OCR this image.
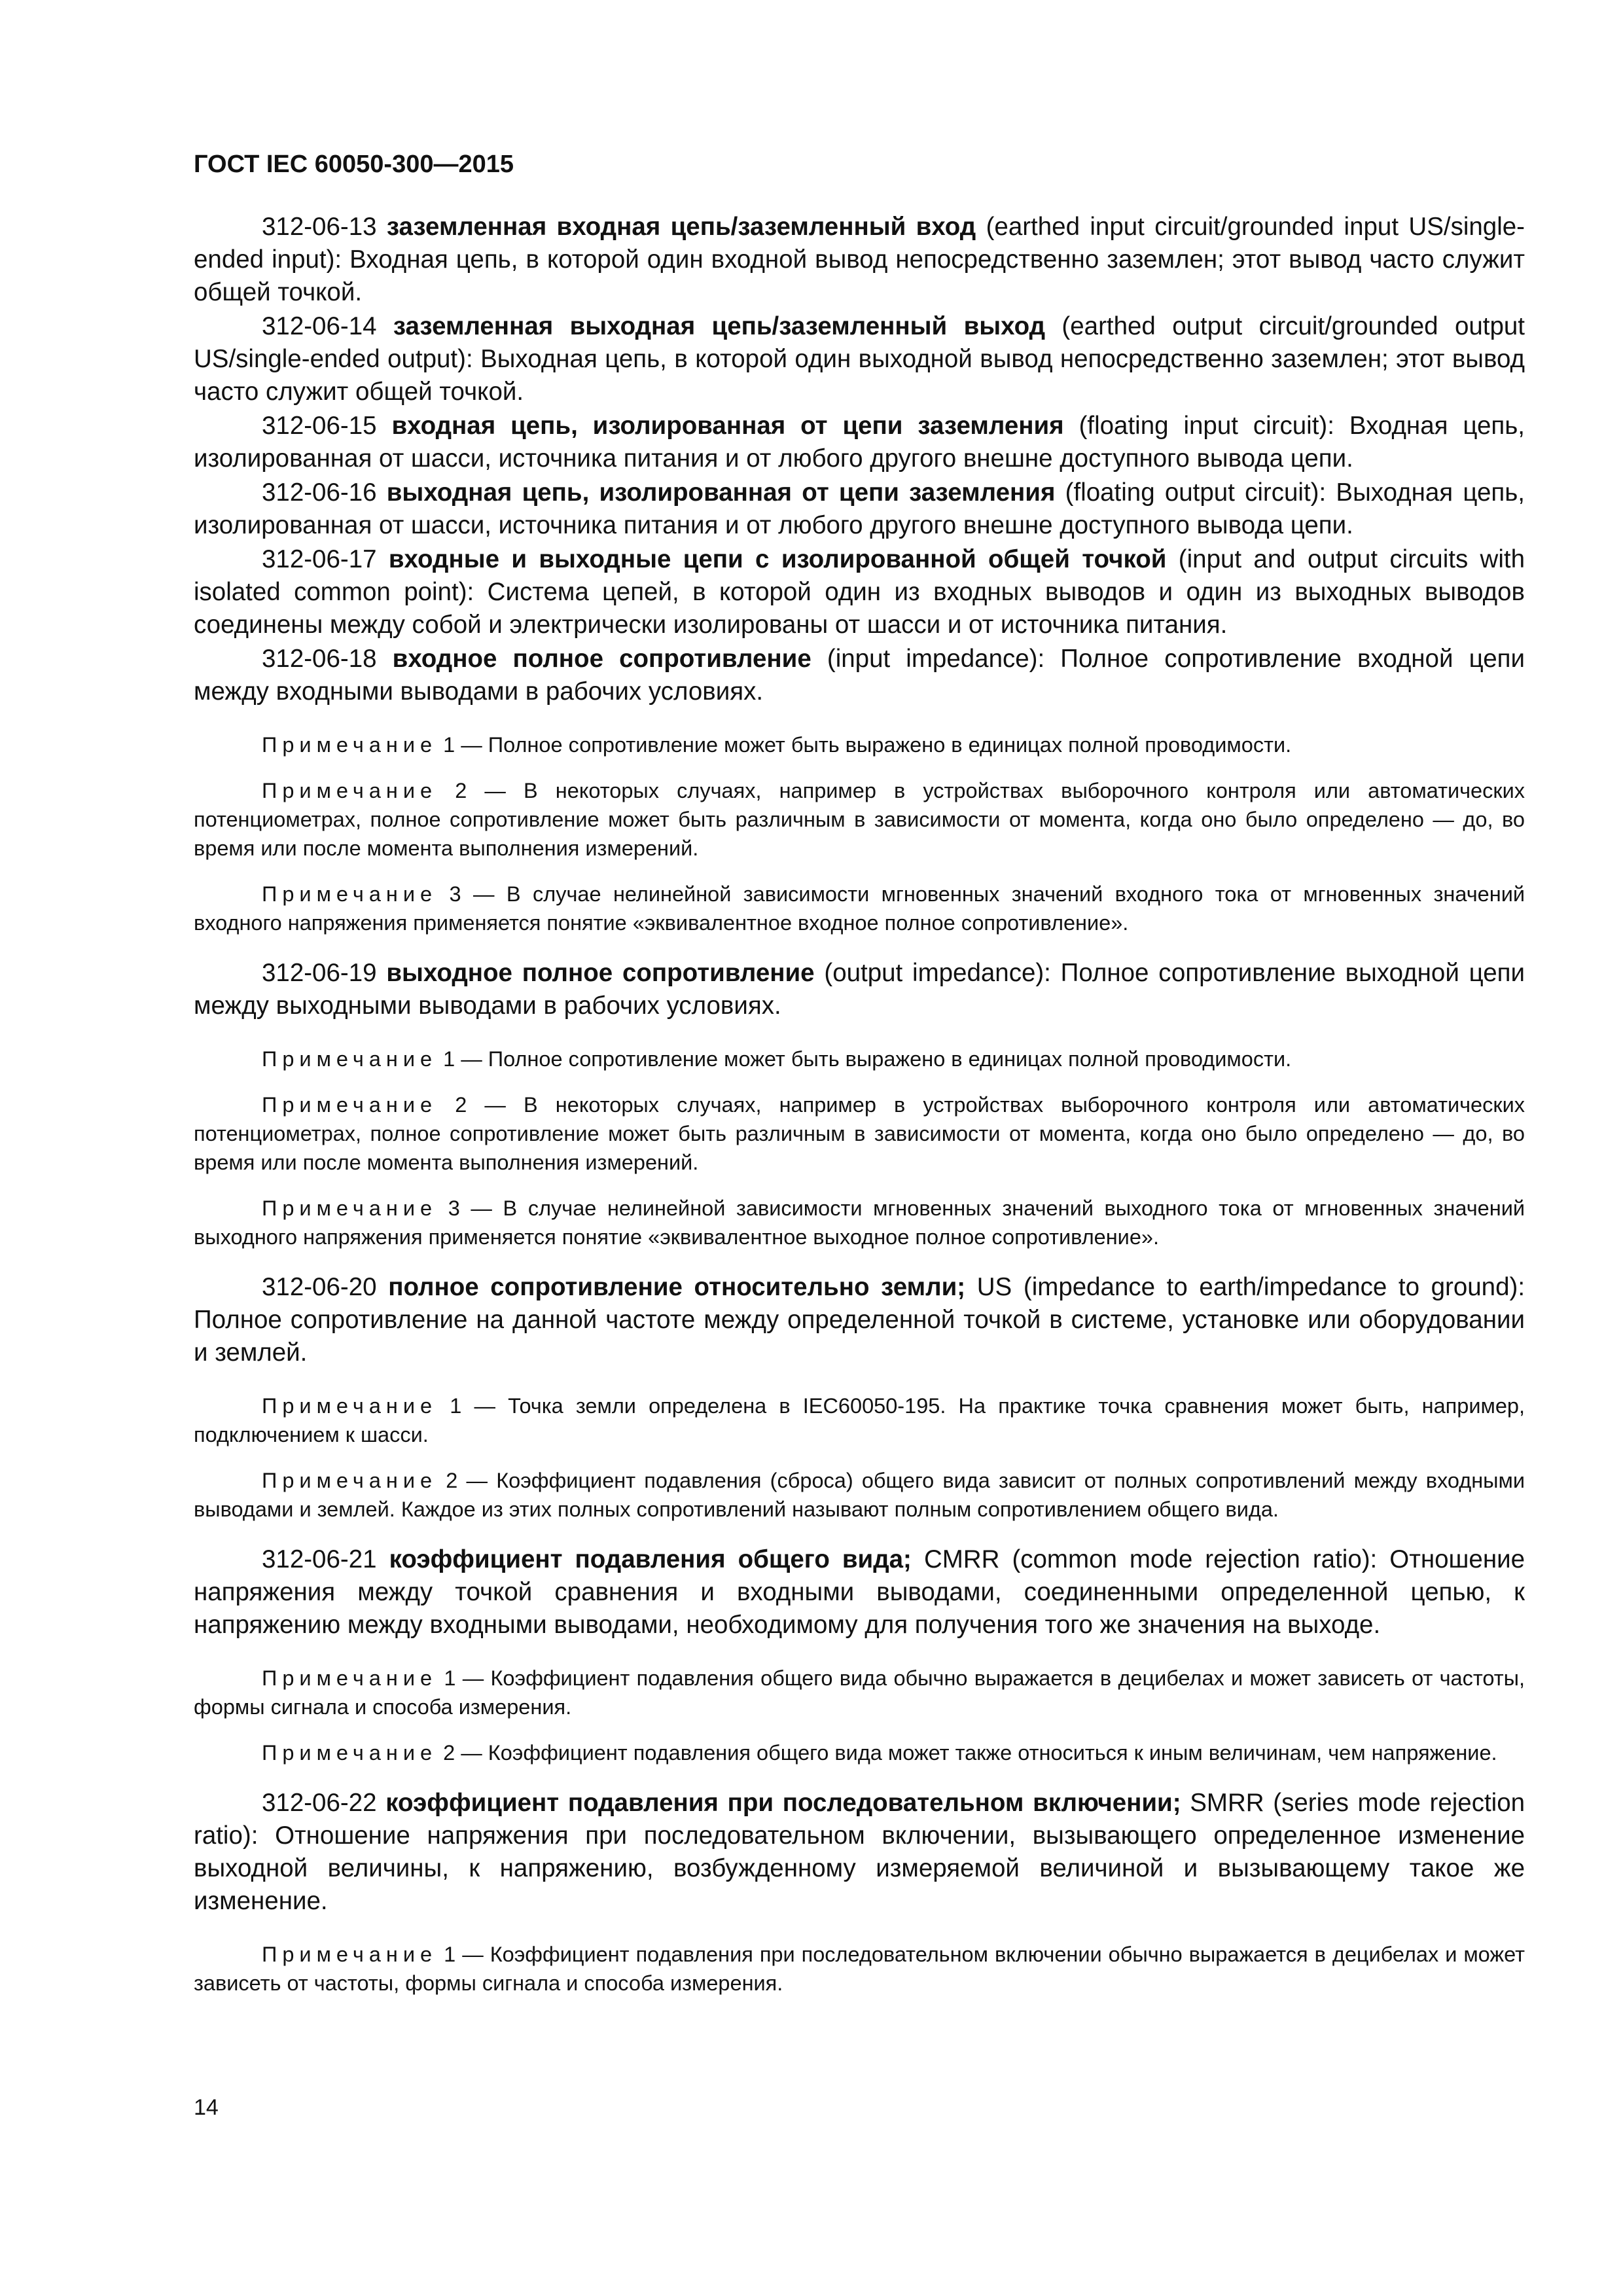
ГОСТ IEC 60050-300—2015

312-06-13 заземленная входная цепь/заземленный вход (earthed input circuit/grounded input US/single-ended input): Входная цепь, в которой один входной вывод непосредственно заземлен; этот вывод часто служит общей точкой.

312-06-14 заземленная выходная цепь/заземленный выход (earthed output circuit/grounded output US/single-ended output): Выходная цепь, в которой один выходной вывод непосредственно заземлен; этот вывод часто служит общей точкой.

312-06-15 входная цепь, изолированная от цепи заземления (floating input circuit): Входная цепь, изолированная от шасси, источника питания и от любого другого внешне доступного вывода цепи.

312-06-16 выходная цепь, изолированная от цепи заземления (floating output circuit): Выходная цепь, изолированная от шасси, источника питания и от любого другого внешне доступного вывода цепи.

312-06-17 входные и выходные цепи с изолированной общей точкой (input and output circuits with isolated common point): Система цепей, в которой один из входных выводов и один из выходных выводов соединены между собой и электрически изолированы от шасси и от источника питания.

312-06-18 входное полное сопротивление (input impedance): Полное сопротивление входной цепи между входными выводами в рабочих условиях.

Примечание 1 — Полное сопротивление может быть выражено в единицах полной проводимости.

Примечание 2 — В некоторых случаях, например в устройствах выборочного контроля или автоматических потенциометрах, полное сопротивление может быть различным в зависимости от момента, когда оно было определено — до, во время или после момента выполнения измерений.

Примечание 3 — В случае нелинейной зависимости мгновенных значений входного тока от мгновенных значений входного напряжения применяется понятие «эквивалентное входное полное сопротивление».

312-06-19 выходное полное сопротивление (output impedance): Полное сопротивление выходной цепи между выходными выводами в рабочих условиях.

Примечание 1 — Полное сопротивление может быть выражено в единицах полной проводимости.

Примечание 2 — В некоторых случаях, например в устройствах выборочного контроля или автоматических потенциометрах, полное сопротивление может быть различным в зависимости от момента, когда оно было определено — до, во время или после момента выполнения измерений.

Примечание 3 — В случае нелинейной зависимости мгновенных значений выходного тока от мгновенных значений выходного напряжения применяется понятие «эквивалентное выходное полное сопротивление».

312-06-20 полное сопротивление относительно земли; US (impedance to earth/impedance to ground): Полное сопротивление на данной частоте между определенной точкой в системе, установке или оборудовании и землей.

Примечание 1 — Точка земли определена в IEC60050-195. На практике точка сравнения может быть, например, подключением к шасси.

Примечание 2 — Коэффициент подавления (сброса) общего вида зависит от полных сопротивлений между входными выводами и землей. Каждое из этих полных сопротивлений называют полным сопротивлением общего вида.

312-06-21 коэффициент подавления общего вида; CMRR (common mode rejection ratio): Отношение напряжения между точкой сравнения и входными выводами, соединенными определенной цепью, к напряжению между входными выводами, необходимому для получения того же значения на выходе.

Примечание 1 — Коэффициент подавления общего вида обычно выражается в децибелах и может зависеть от частоты, формы сигнала и способа измерения.

Примечание 2 — Коэффициент подавления общего вида может также относиться к иным величинам, чем напряжение.

312-06-22 коэффициент подавления при последовательном включении; SMRR (series mode rejection ratio): Отношение напряжения при последовательном включении, вызывающего определенное изменение выходной величины, к напряжению, возбужденному измеряемой величиной и вызывающему такое же изменение.

Примечание 1 — Коэффициент подавления при последовательном включении обычно выражается в децибелах и может зависеть от частоты, формы сигнала и способа измерения.

14
